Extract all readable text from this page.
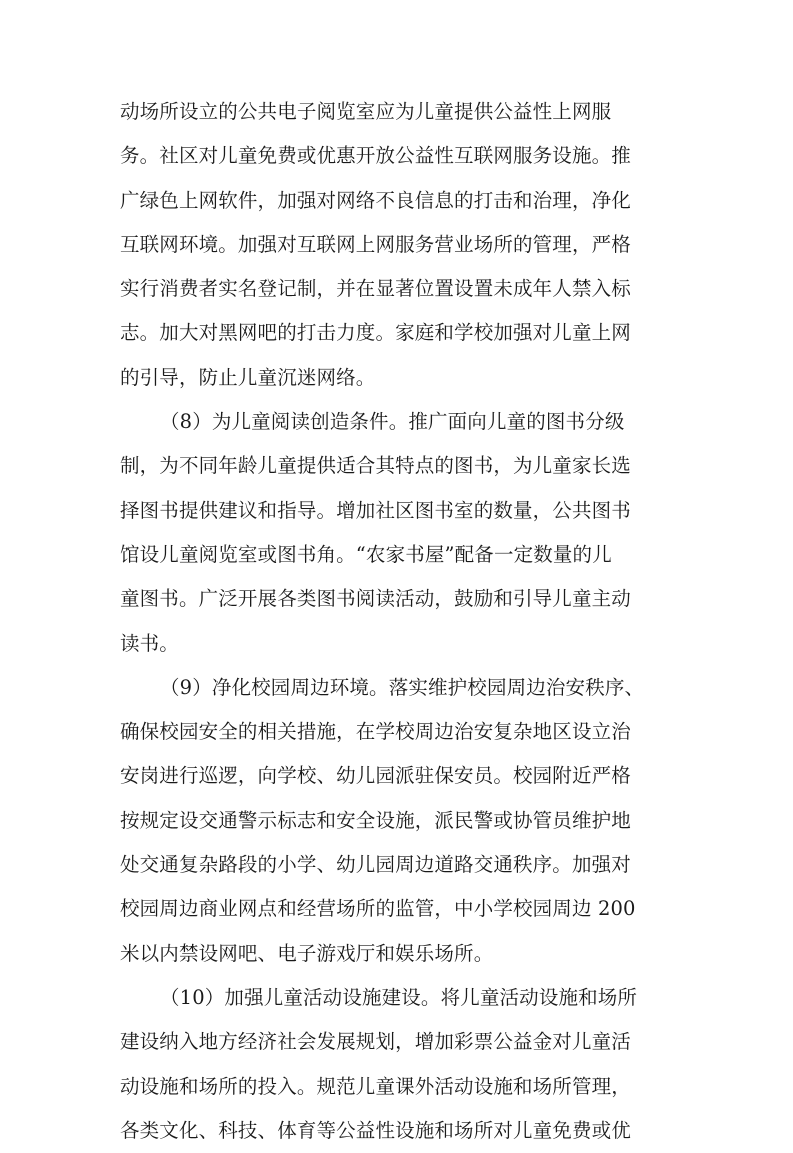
动场所设立的公共电子阅览室应为儿童提供公益性上网服
务。社区对儿童免费或优惠开放公益性互联网服务设施。推
广绿色上网软件，加强对网络不良信息的打击和治理，净化
互联网环境。加强对互联网上网服务营业场所的管理，严格
实行消费者实名登记制，并在显著位置设置未成年人禁入标
志。加大对黑网吧的打击力度。家庭和学校加强对儿童上网
的引导，防止儿童沉迷网络。
（8）为儿童阅读创造条件。推广面向儿童的图书分级
制，为不同年龄儿童提供适合其特点的图书，为儿童家长选
择图书提供建议和指导。增加社区图书室的数量，公共图书
馆设儿童阅览室或图书角。“农家书屋”配备一定数量的儿
童图书。广泛开展各类图书阅读活动，鼓励和引导儿童主动
读书。
（9）净化校园周边环境。落实维护校园周边治安秩序、
确保校园安全的相关措施，在学校周边治安复杂地区设立治
安岗进行巡逻，向学校、幼儿园派驻保安员。校园附近严格
按规定设交通警示标志和安全设施，派民警或协管员维护地
处交通复杂路段的小学、幼儿园周边道路交通秩序。加强对
校园周边商业网点和经营场所的监管，中小学校园周边 200
米以内禁设网吧、电子游戏厅和娱乐场所。
（10）加强儿童活动设施建设。将儿童活动设施和场所
建设纳入地方经济社会发展规划，增加彩票公益金对儿童活
动设施和场所的投入。规范儿童课外活动设施和场所管理，
各类文化、科技、体育等公益性设施和场所对儿童免费或优
